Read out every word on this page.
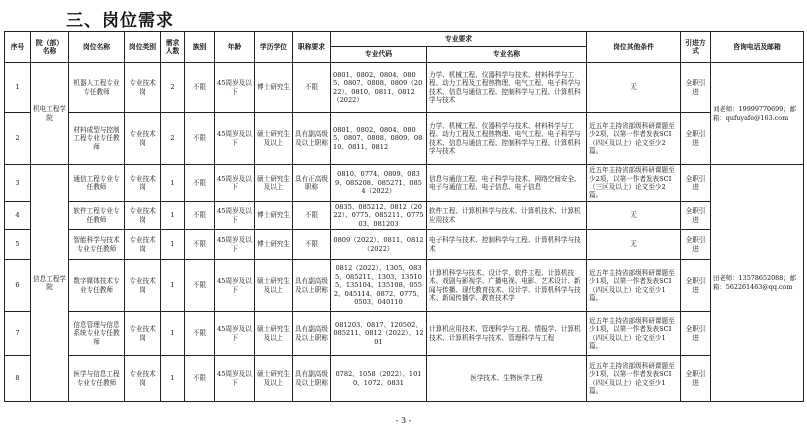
三、岗位需求
序号	院（部）名称	岗位名称	岗位类别	需求人数	族别	年龄	学历学位	职称要求	专业要求		岗位其他条件	引进方式	咨询电话及邮箱
									专业代码	专业名称			
1	机电工程学院	机器人工程专业专任教师	专业技术岗	2	不限	45周岁及以下	博士研究生	不限	0801、0802、0804、0805、0807、0808、0809（2022）、0810、0811、0812（2022）	力学、机械工程、仪器科学与技术、材料科学与工程、动力工程及工程热物理、电气工程、电子科学与技术、信息与通信工程、控制科学与工程、计算机科学与技术	无	全职引进	刘老师：19999770699；邮箱：qufuyafe@163.com
2		材料成型与控制工程专业专任教师	专业技术岗	2	不限	45周岁及以下	硕士研究生及以上	具有副高级及以上职称	0801、0802、0804、0805、0807、0808、0809、0810、0811、0812	力学、机械工程、仪器科学与技术、材料科学与工程、动力工程及工程热物理、电气工程、电子科学与技术、信息与通信工程、控制科学与工程、计算机科学与技术	近五年主持省部级科研课题至少2项，以第一作者发表SCI（四区及以上）论文至少2篇。	全职引进	
3	信息工程学院	通信工程专业专任教师	专业技术岗	1	不限	45周岁及以下	硕士研究生及以上	具有正高级职称	0810、0774、0809、0839、085208、085271、0854（2022）	信息与通信工程、电子科学与技术、网络空间安全、电子与通信工程、电子信息、电子信息	近五年主持省部级科研课题至少2项，以第一作者发表SCI（三区及以上）论文至少2篇。	全职引进	田老师：13578652088；邮箱：562261463@qq.com
4		软件工程专业专任教师	专业技术岗	1	不限	45周岁及以下	博士研究生	不限	0835、085212、0812（2022）、0775、085211、077503、081203	软件工程、计算机科学与技术、计算机技术、计算机应用技术	无	全职引进	
5		智能科学与技术专业专任教师	专业技术岗	1	不限	45周岁及以下	博士研究生	不限	0809（2022）、0811、0812（2022）	电子科学与技术、控制科学与工程、计算机科学与技术	无	全职引进	
6		数字媒体技术专业专任教师	专业技术岗	1	不限	45周岁及以下	硕士研究生及以上	具有副高级及以上职称	0812（2022）、1305、0835、085211、1303、135105、135104、135108、0552、045114、0872、0775、0503、040110	计算机科学与技术、设计学、软件工程、计算机技术、戏剧与影视学、广播电视、电影、艺术设计、新闻与传播、现代教育技术、设计学、计算机科学与技术、新闻传播学、教育技术学	近五年主持省部级科研课题至少1项，以第一作者发表SCI（四区及以上）论文至少1篇。	全职引进	
7		信息管理与信息系统专业专任教师	专业技术岗	1	不限	45周岁及以下	硕士研究生及以上	具有副高级及以上职称	081203、0817、120502、085211、0812（2022）、1201	计算机应用技术、管理科学与工程、情报学、计算机技术、计算机科学与技术、管理科学与工程	近五年主持省部级科研课题至少1项，以第一作者发表SCI（四区及以上）论文至少1篇。	全职引进	
8		医学与信息工程专业专任教师	专业技术岗	1	不限	45周岁及以下	硕士研究生及以上	具有副高级及以上职称	0782、1058（2022）、1010、1072、0831	医学技术、生物医学工程	近五年主持省部级科研课题至少1项，以第一作者发表SCI（四区及以上）论文至少1篇。	全职引进	
- 3 -
